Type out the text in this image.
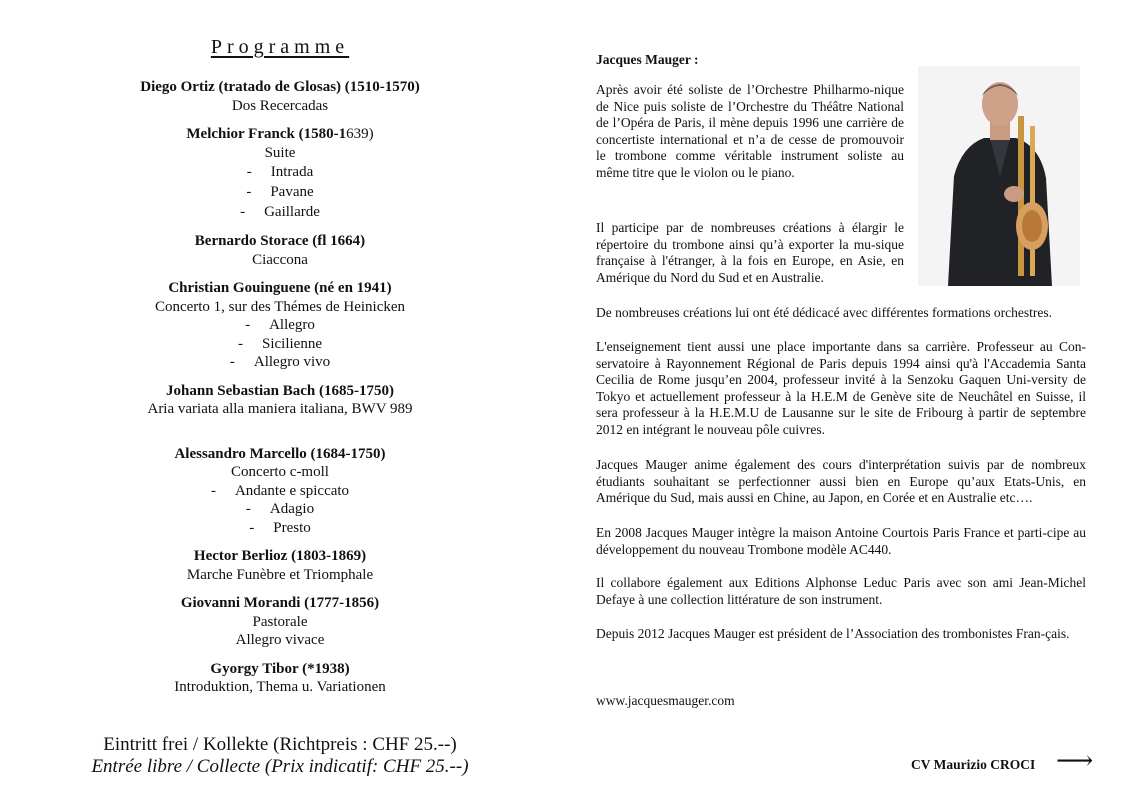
Programme
Diego Ortiz (tratado de Glosas) (1510-1570)
Dos Recercadas
Melchior Franck (1580-1639)
Suite
- Intrada
- Pavane
- Gaillarde
Bernardo Storace (fl 1664)
Ciaccona
Christian Gouinguene (né en 1941)
Concerto 1, sur des Thémes de Heinicken
- Allegro
- Sicilienne
- Allegro vivo
Johann Sebastian Bach (1685-1750)
Aria variata alla maniera italiana, BWV 989
Alessandro Marcello (1684-1750)
Concerto c-moll
- Andante e spiccato
- Adagio
- Presto
Hector Berlioz (1803-1869)
Marche Funèbre et Triomphale
Giovanni Morandi (1777-1856)
Pastorale
Allegro vivace
Gyorgy Tibor (*1938)
Introduktion, Thema u. Variationen
Eintritt frei / Kollekte (Richtpreis : CHF 25.--)
Entrée libre / Collecte (Prix indicatif: CHF 25.--)
Jacques Mauger :

Après avoir été soliste de l’Orchestre Philharmo-nique de Nice puis soliste de l’Orchestre du Théâtre National de l’Opéra de Paris, il mène depuis 1996 une carrière de concertiste international et n’a de cesse de promouvoir le trombone comme véritable instrument soliste au même titre que le violon ou le piano.

Il participe par de nombreuses créations à élargir le répertoire du trombone ainsi qu’à exporter la mu-sique française à l'étranger, à la fois en Europe, en Asie, en Amérique du Nord du Sud et en Australie.

De nombreuses créations lui ont été dédicacé avec différentes formations orchestres.

L'enseignement tient aussi une place importante dans sa carrière. Professeur au Con-servatoire à Rayonnement Régional de Paris depuis 1994 ainsi qu'à l'Accademia Santa Cecilia de Rome jusqu’en 2004, professeur invité à la Senzoku Gaquen Uni-versity de Tokyo et actuellement professeur à la H.E.M de Genève site de Neuchâtel en Suisse, il sera professeur à la H.E.M.U de Lausanne sur le site de Fribourg à partir de septembre 2012 en intégrant le nouveau pôle cuivres.

Jacques Mauger anime également des cours d'interprétation suivis par de nombreux étudiants souhaitant se perfectionner aussi bien en Europe qu’aux Etats-Unis, en Amérique du Sud, mais aussi en Chine, au Japon, en Corée et en Australie etc….

En 2008 Jacques Mauger intègre la maison Antoine Courtois Paris France et parti-cipe au développement du nouveau Trombone modèle AC440.

Il collabore également aux Editions Alphonse Leduc Paris avec son ami Jean-Michel Defaye à une collection littérature de son instrument.

Depuis 2012 Jacques Mauger est président de l’Association des trombonistes Fran-çais.

www.jacquesmauger.com
CV Maurizio CROCI ⟶
